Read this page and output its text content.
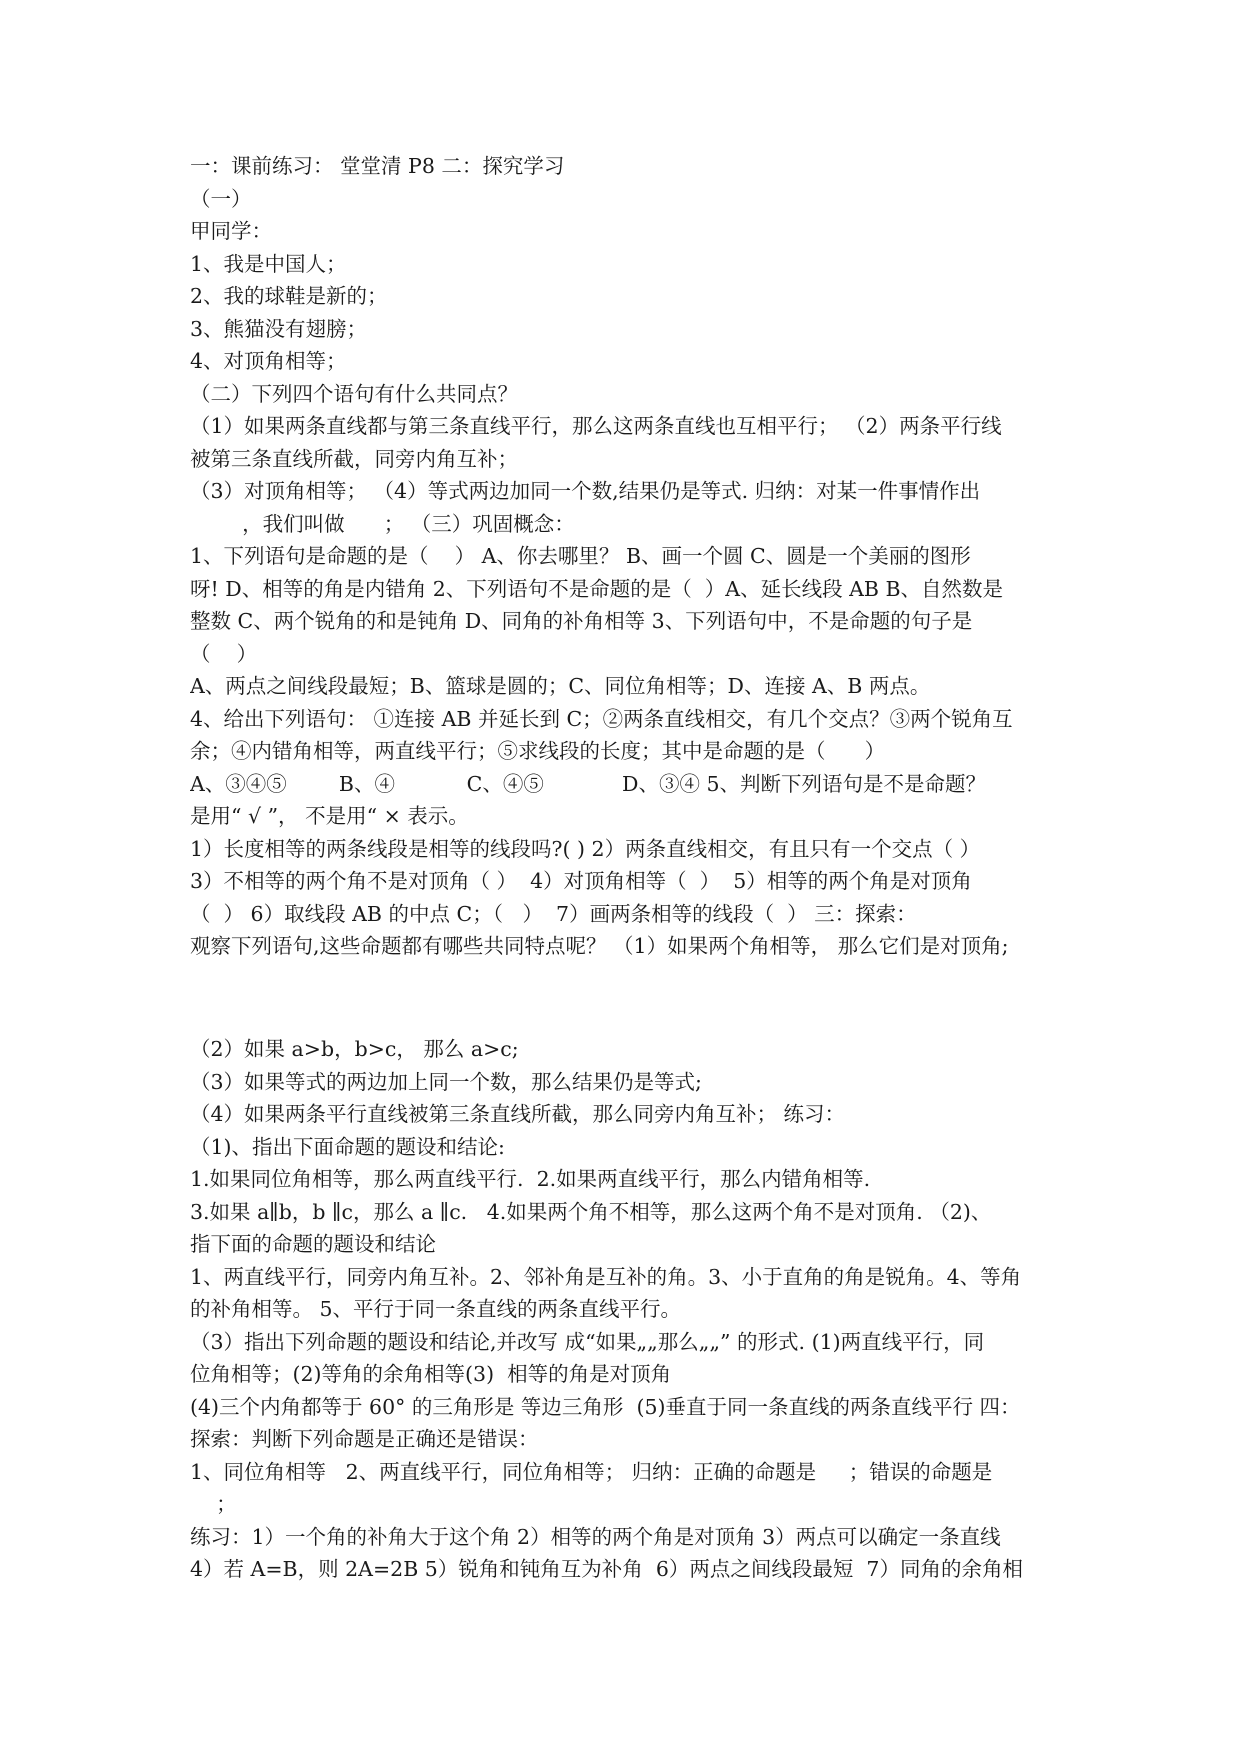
一：课前练习： 堂堂清 P8 二：探究学习
（一）
甲同学：
1、我是中国人；
2、我的球鞋是新的；
3、熊猫没有翅膀；
4、对顶角相等；
（二）下列四个语句有什么共同点？
（1）如果两条直线都与第三条直线平行，那么这两条直线也互相平行； （2）两条平行线
被第三条直线所截，同旁内角互补；
（3）对顶角相等； （4）等式两边加同一个数,结果仍是等式. 归纳：对某一件事情作出
，我们叫做      ； （三）巩固概念：
1、下列语句是命题的是（    ） A、你去哪里？ B、画一个圆 C、圆是一个美丽的图形
呀! D、相等的角是内错角 2、下列语句不是命题的是（  ）A、延长线段 AB B、自然数是
整数 C、两个锐角的和是钝角 D、同角的补角相等 3、下列语句中，不是命题的句子是
（    ）
A、两点之间线段最短；B、篮球是圆的；C、同位角相等；D、连接 A、B 两点。
4、给出下列语句： ①连接 AB 并延长到 C；②两条直线相交，有几个交点？③两个锐角互
余；④内错角相等，两直线平行；⑤求线段的长度；其中是命题的是（      ）
A、③④⑤        B、④           C、④⑤            D、③④ 5、判断下列语句是不是命题？
是用“ √ ”， 不是用“ × 表示。
1）长度相等的两条线段是相等的线段吗?( ) 2）两条直线相交，有且只有一个交点（ ）
3）不相等的两个角不是对顶角（ ）  4）对顶角相等（  ）  5）相等的两个角是对顶角
（  ） 6）取线段 AB 的中点 C；（   ）  7）画两条相等的线段（  ） 三：探索：
观察下列语句,这些命题都有哪些共同特点呢？ （1）如果两个角相等， 那么它们是对顶角;
（2）如果 a>b，b>c， 那么 a>c;
（3）如果等式的两边加上同一个数，那么结果仍是等式;
（4）如果两条平行直线被第三条直线所截，那么同旁内角互补； 练习：
（1)、指出下面命题的题设和结论:
1.如果同位角相等，那么两直线平行.  2.如果两直线平行，那么内错角相等.
3.如果 a∥b，b ∥c，那么 a ∥c.   4.如果两个角不相等，那么这两个角不是对顶角. （2)、
指下面的命题的题设和结论
1、两直线平行，同旁内角互补。2、邻补角是互补的角。3、小于直角的角是锐角。4、等角
的补角相等。 5、平行于同一条直线的两条直线平行。
（3）指出下列命题的题设和结论,并改写 成“如果„„那么„„” 的形式. (1)两直线平行，同
位角相等；(2)等角的余角相等(3)  相等的角是对顶角
(4)三个内角都等于 60° 的三角形是 等边三角形  (5)垂直于同一条直线的两条直线平行 四：
探索：判断下列命题是正确还是错误：
1、同位角相等   2、两直线平行，同位角相等； 归纳：正确的命题是     ；错误的命题是
；
练习：1）一个角的补角大于这个角 2）相等的两个角是对顶角 3）两点可以确定一条直线
4）若 A=B，则 2A=2B 5）锐角和钝角互为补角  6）两点之间线段最短  7）同角的余角相
